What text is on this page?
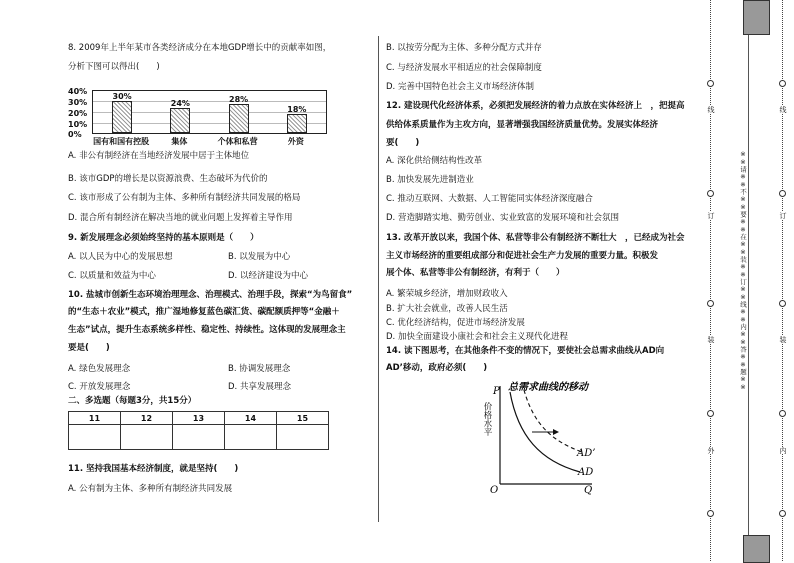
8. 2009年上半年某市各类经济成分在本地GDP增长中的贡献率如图，
分析下图可以得出(　　)
40%
30%
20%
10%
0%
30%
24%	28%
18%
国有和国有控股	集体	个体和私营	外资
A. 非公有制经济在当地经济发展中居于主体地位
B. 该市GDP的增长是以资源浪费、生态破坏为代价的
C. 该市形成了公有制为主体、多种所有制经济共同发展的格局
D. 混合所有制经济在解决当地的就业问题上发挥着主导作用
9. 新发展理念必须始终坚持的基本原则是（　　）
A. 以人民为中心的发展思想	B. 以发展为中心
C. 以质量和效益为中心	D. 以经济建设为中心
10. 盐城市创新生态环境治理理念、治理模式、治理手段，探索“为鸟留食”
的“生态＋农业”模式，推广湿地修复蓝色碳汇货、碳配额质押等“金融＋
生态”试点，提升生态系统多样性、稳定性、持续性。这体现的发展理念主
要是(　　)
A. 绿色发展理念	B. 协调发展理念
C. 开放发展理念	D. 共享发展理念
二、多选题（每题3分，共15分）
11	12	13	14	15

11. 坚持我国基本经济制度，就是坚持(　　)
A. 公有制为主体、多种所有制经济共同发展
B. 以按劳分配为主体、多种分配方式并存
C. 与经济发展水平相适应的社会保障制度
D. 完善中国特色社会主义市场经济体制
12. 建设现代化经济体系，必须把发展经济的着力点放在实体经济上　，把提高
供给体系质量作为主攻方向，显著增强我国经济质量优势。发展实体经济
要(　　)
A. 深化供给侧结构性改革
B. 加快发展先进制造业
C. 推动互联网、大数据、人工智能同实体经济深度融合
D. 营造脚踏实地、勤劳创业、实业致富的发展环境和社会氛围
13. 改革开放以来，我国个体、私营等非公有制经济不断壮大　，已经成为社会
主义市场经济的重要组成部分和促进社会生产力发展的重要力量。积极发
展个体、私营等非公有制经济，有利于（　　）
A. 繁荣城乡经济，增加财政收入
B. 扩大社会就业，改善人民生活
C. 优化经济结构，促进市场经济发展
D. 加快全面建设小康社会和社会主义现代化进程
14. 读下图思考，在其他条件不变的情况下，要使社会总需求曲线从AD向
AD’移动，政府必须(　　)
总需求曲线的移动
P
Q
O
AD
AD’
价格水平
※※请※※不※※要※※在※※装※※订※※线※※内※※答※※题※※
线
订
装
外
线
订
装
内
